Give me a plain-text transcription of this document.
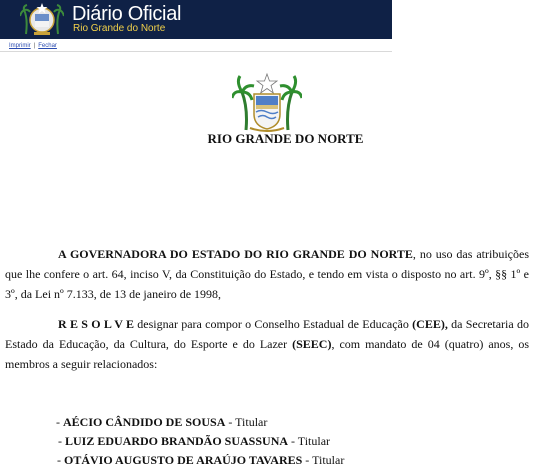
Diário Oficial
Rio Grande do Norte
Imprimir | Fechar
RIO GRANDE DO NORTE
A GOVERNADORA DO ESTADO DO RIO GRANDE DO NORTE, no uso das atribuições que lhe confere o art. 64, inciso V, da Constituição do Estado, e tendo em vista o disposto no art. 9º, §§ 1º e 3º, da Lei nº 7.133, de 13 de janeiro de 1998,
R E S O L V E designar para compor o Conselho Estadual de Educação (CEE), da Secretaria do Estado da Educação, da Cultura, do Esporte e do Lazer (SEEC), com mandato de 04 (quatro) anos, os membros a seguir relacionados:
- AÉCIO CÂNDIDO DE SOUSA - Titular
- LUIZ EDUARDO BRANDÃO SUASSUNA - Titular
- OTÁVIO AUGUSTO DE ARAÚJO TAVARES - Titular
